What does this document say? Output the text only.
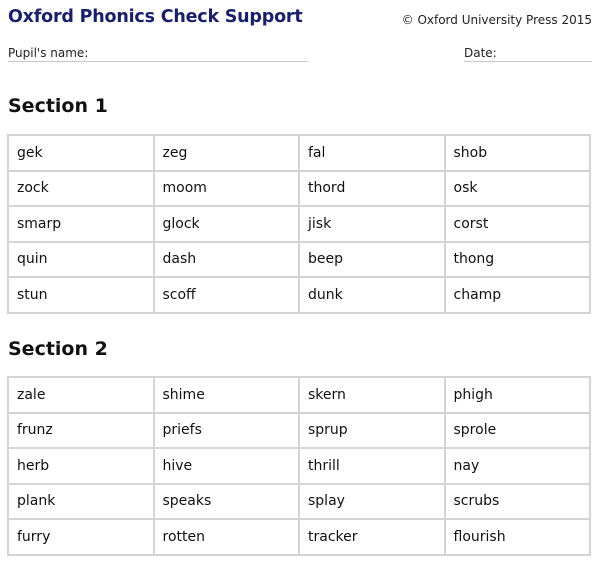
Oxford Phonics Check Support	© Oxford University Press 2015
Pupil's name:	Date:
Section 1
gek	zeg	fal	shob
zock	moom	thord	osk
smarp	glock	jisk	corst
quin	dash	beep	thong
stun	scoff	dunk	champ
Section 2
zale	shime	skern	phigh
frunz	priefs	sprup	sprole
herb	hive	thrill	nay
plank	speaks	splay	scrubs
furry	rotten	tracker	flourish
